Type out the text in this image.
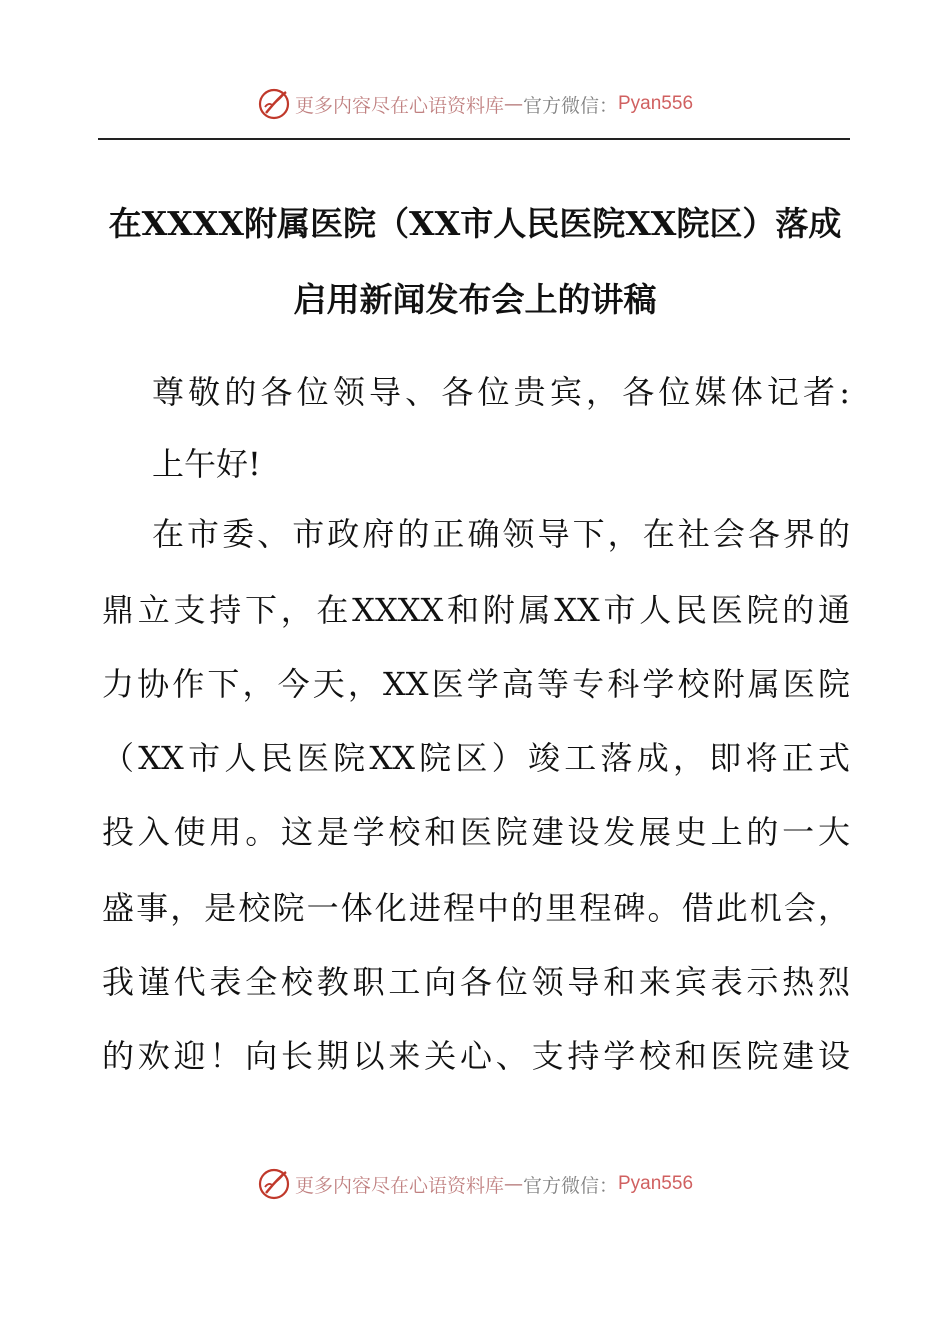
更多内容尽在心语资料库 — 官方微信： Pyan556
在XXXX附属医院（XX市人民医院XX院区）落成
启用新闻发布会上的讲稿
尊敬的各位领导、各位贵宾，各位媒体记者:
上午好!
在市委、市政府的正确领导下，在社会各界的
鼎立支持下，在XXXX和附属XX市人民医院的通
力协作下，今天，XX医学高等专科学校附属医院
（XX市人民医院XX院区）竣工落成，即将正式
投入使用。这是学校和医院建设发展史上的一大
盛事，是校院一体化进程中的里程碑。借此机会，
我谨代表全校教职工向各位领导和来宾表示热烈
的欢迎！向长期以来关心、支持学校和医院建设
更多内容尽在心语资料库 — 官方微信： Pyan556
